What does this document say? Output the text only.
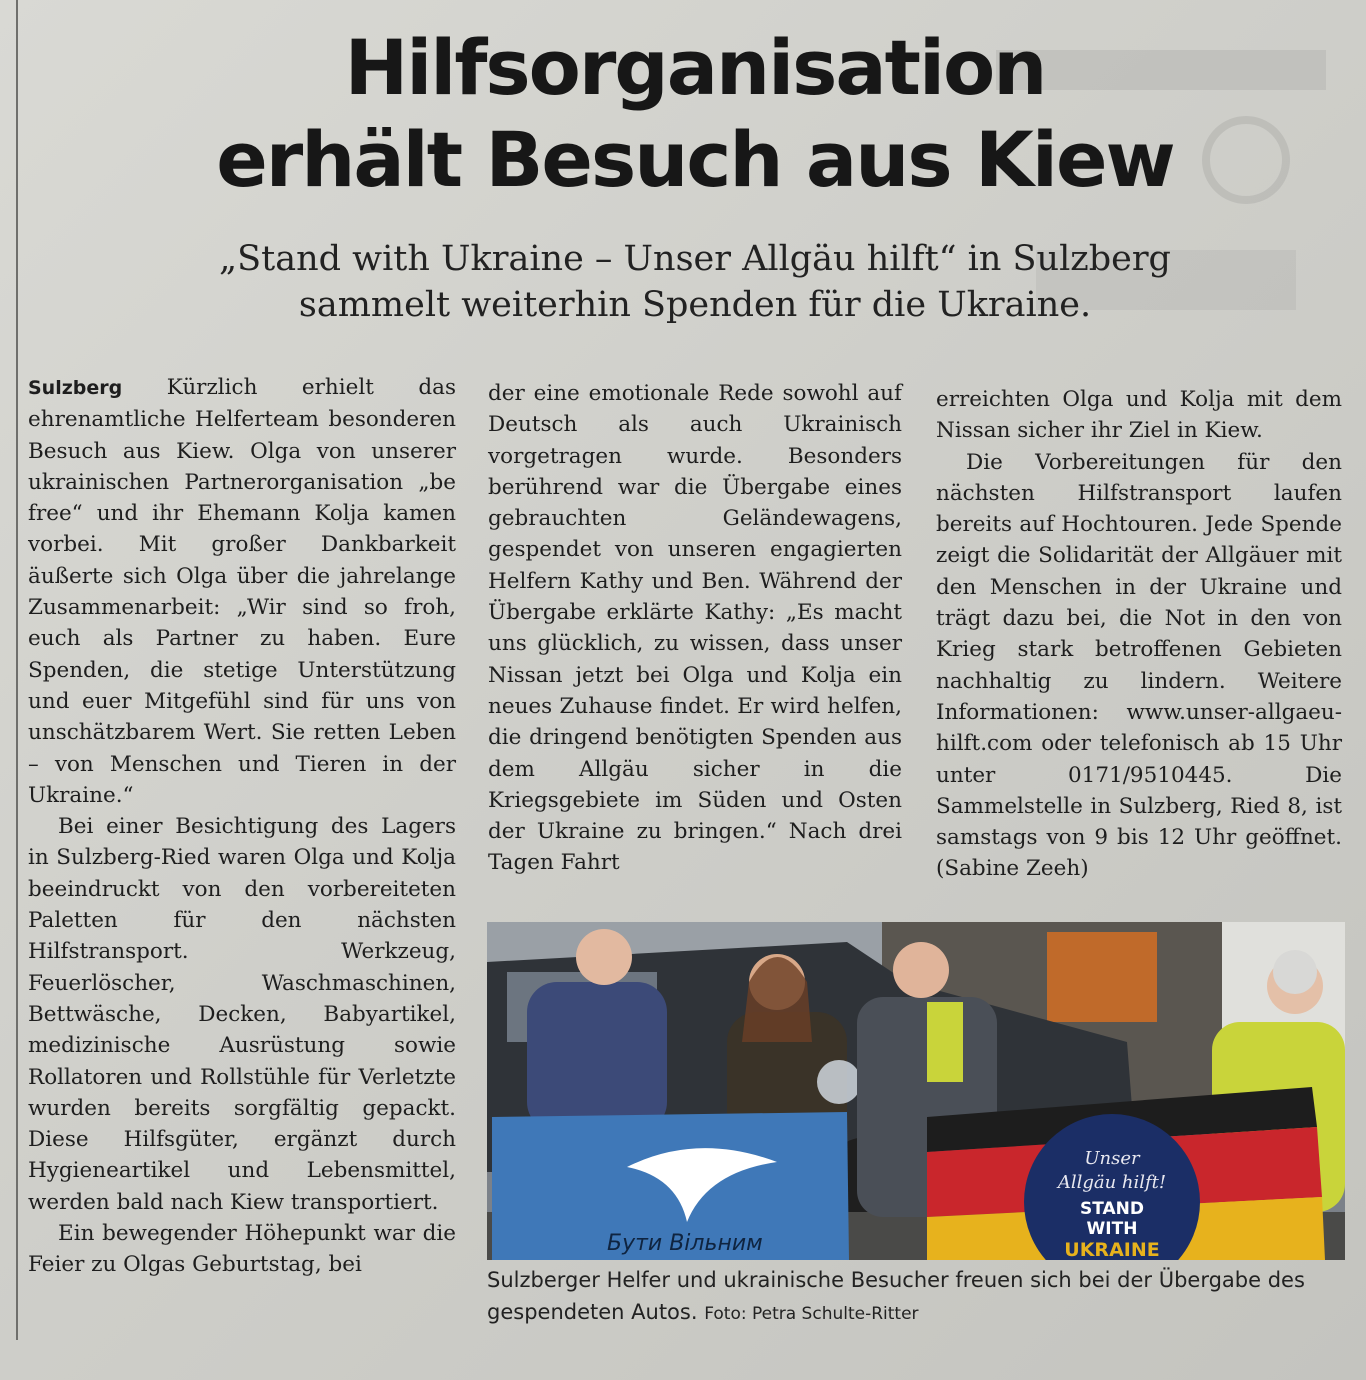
Hilfsorganisation
erhält Besuch aus Kiew

„Stand with Ukraine – Unser Allgäu hilft“ in Sulzberg
sammelt weiterhin Spenden für die Ukraine.

Sulzberg Kürzlich erhielt das ehrenamtliche Helferteam besonderen Besuch aus Kiew. Olga von unserer ukrainischen Partnerorganisation „be free“ und ihr Ehemann Kolja kamen vorbei. Mit großer Dankbarkeit äußerte sich Olga über die jahrelange Zusammenarbeit: „Wir sind so froh, euch als Partner zu haben. Eure Spenden, die stetige Unterstützung und euer Mitgefühl sind für uns von unschätzbarem Wert. Sie retten Leben – von Menschen und Tieren in der Ukraine.“

Bei einer Besichtigung des Lagers in Sulzberg-Ried waren Olga und Kolja beeindruckt von den vorbereiteten Paletten für den nächsten Hilfstransport. Werkzeug, Feuerlöscher, Waschmaschinen, Bettwäsche, Decken, Babyartikel, medizinische Ausrüstung sowie Rollatoren und Rollstühle für Verletzte wurden bereits sorgfältig gepackt. Diese Hilfsgüter, ergänzt durch Hygieneartikel und Lebensmittel, werden bald nach Kiew transportiert.

Ein bewegender Höhepunkt war die Feier zu Olgas Geburtstag, bei

der eine emotionale Rede sowohl auf Deutsch als auch Ukrainisch vorgetragen wurde. Besonders berührend war die Übergabe eines gebrauchten Geländewagens, gespendet von unseren engagierten Helfern Kathy und Ben. Während der Übergabe erklärte Kathy: „Es macht uns glücklich, zu wissen, dass unser Nissan jetzt bei Olga und Kolja ein neues Zuhause findet. Er wird helfen, die dringend benötigten Spenden aus dem Allgäu sicher in die Kriegsgebiete im Süden und Osten der Ukraine zu bringen.“ Nach drei Tagen Fahrt

erreichten Olga und Kolja mit dem Nissan sicher ihr Ziel in Kiew.

Die Vorbereitungen für den nächsten Hilfstransport laufen bereits auf Hochtouren. Jede Spende zeigt die Solidarität der Allgäuer mit den Menschen in der Ukraine und trägt dazu bei, die Not in den von Krieg stark betroffenen Gebieten nachhaltig zu lindern. Weitere Informationen: www.unser-allgaeu-hilft.com oder telefonisch ab 15 Uhr unter 0171/9510445. Die Sammelstelle in Sulzberg, Ried 8, ist samstags von 9 bis 12 Uhr geöffnet. (Sabine Zeeh)

Бути Вільним
Unser
Allgäu hilft!
STAND
WITH
UKRAINE

Sulzberger Helfer und ukrainische Besucher freuen sich bei der Übergabe des gespendeten Autos. Foto: Petra Schulte-Ritter
